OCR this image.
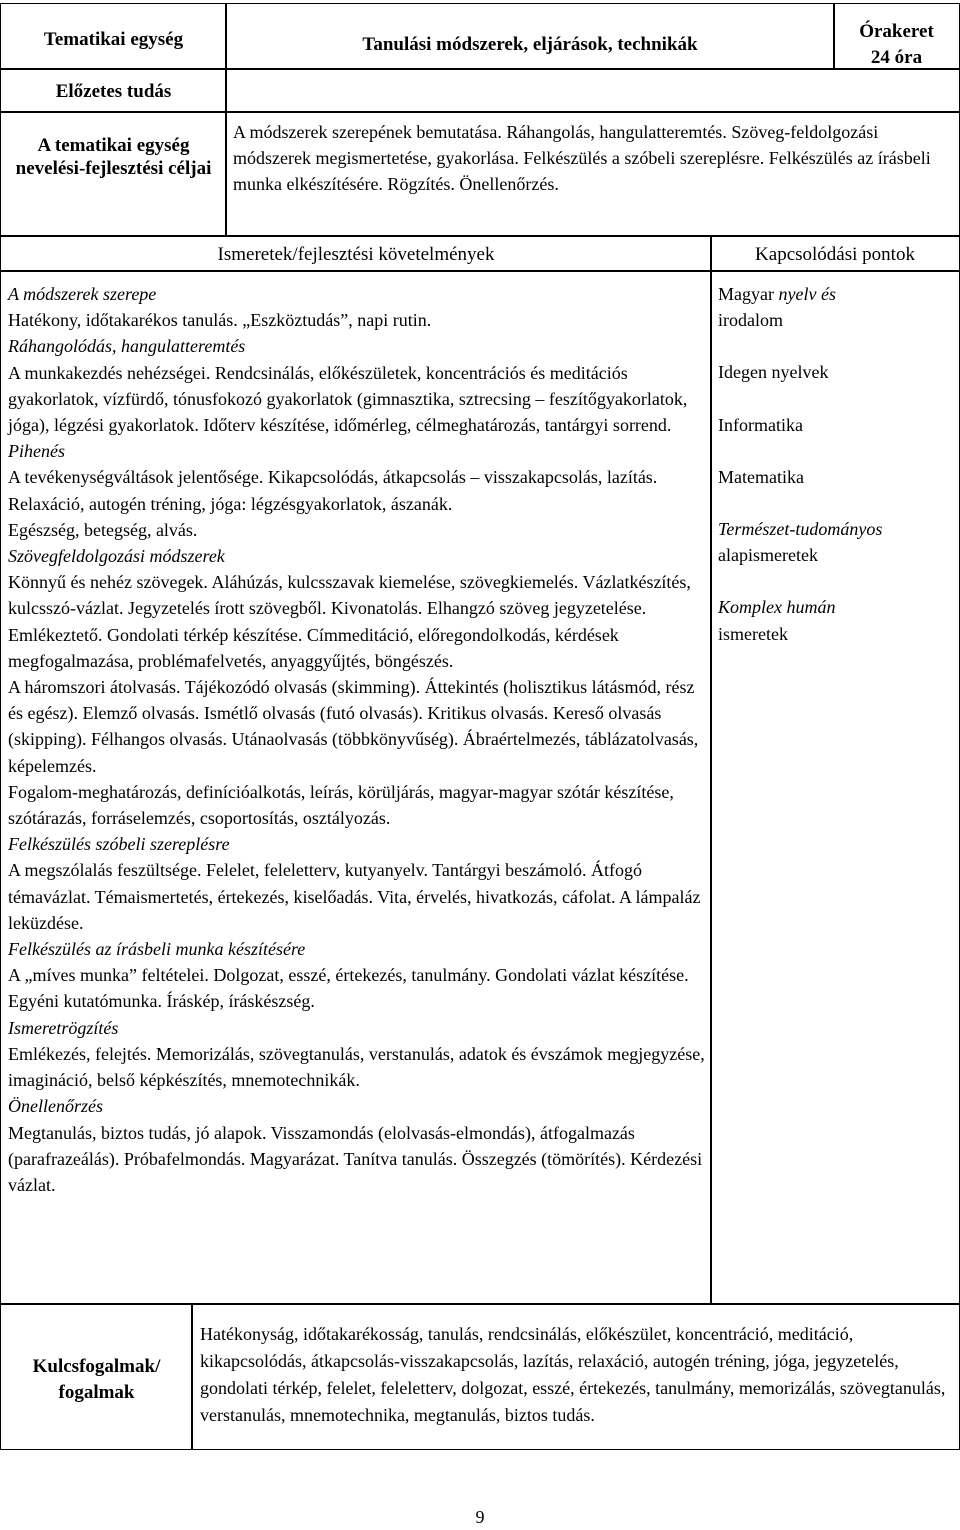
Tematikai egység	Tanulási módszerek, eljárások, technikák
Órakeret
24 óra
Előzetes tudás
A tematikai egység nevelési-fejlesztési céljai
A módszerek szerepének bemutatása. Ráhangolás, hangulatteremtés. Szöveg-feldolgozási módszerek megismertetése, gyakorlása. Felkészülés a szóbeli szereplésre. Felkészülés az írásbeli munka elkészítésére. Rögzítés. Önellenőrzés.
Ismeretek/fejlesztési követelmények	Kapcsolódási pontok

A módszerek szerepe

Hatékony, időtakarékos tanulás. „Eszköztudás”, napi rutin.

Ráhangolódás, hangulatteremtés

A munkakezdés nehézségei. Rendcsinálás, előkészületek, koncentrációs és meditációs gyakorlatok, vízfürdő, tónusfokozó gyakorlatok (gimnasztika, sztrecsing – feszítőgyakorlatok, jóga), légzési gyakorlatok. Időterv készítése, időmérleg, célmeghatározás, tantárgyi sorrend.

Pihenés

A tevékenységváltások jelentősége. Kikapcsolódás, átkapcsolás – visszakapcsolás, lazítás.

Relaxáció, autogén tréning, jóga: légzésgyakorlatok, ászanák.

Egészség, betegség, alvás.

Szövegfeldolgozási módszerek

Könnyű és nehéz szövegek. Aláhúzás, kulcsszavak kiemelése, szövegkiemelés. Vázlatkészítés, kulcsszó-vázlat. Jegyzetelés írott szövegből. Kivonatolás. Elhangzó szöveg jegyzetelése. Emlékeztető. Gondolati térkép készítése. Címmeditáció, előregondolkodás, kérdések megfogalmazása, problémafelvetés, anyaggyűjtés, böngészés.

A háromszori átolvasás. Tájékozódó olvasás (skimming). Áttekintés (holisztikus látásmód, rész és egész). Elemző olvasás. Ismétlő olvasás (futó olvasás). Kritikus olvasás. Kereső olvasás (skipping). Félhangos olvasás. Utánaolvasás (többkönyvűség). Ábraértelmezés, táblázatolvasás, képelemzés.

Fogalom-meghatározás, definícióalkotás, leírás, körüljárás, magyar-magyar szótár készítése, szótárazás, forráselemzés, csoportosítás, osztályozás.

Felkészülés szóbeli szereplésre

A megszólalás feszültsége. Felelet, feleletterv, kutyanyelv. Tantárgyi beszámoló. Átfogó témavázlat. Témaismertetés, értekezés, kiselőadás. Vita, érvelés, hivatkozás, cáfolat. A lámpaláz leküzdése.

Felkészülés az írásbeli munka készítésére

A „míves munka” feltételei. Dolgozat, esszé, értekezés, tanulmány. Gondolati vázlat készítése. Egyéni kutatómunka. Íráskép, íráskészség.

Ismeretrögzítés

Emlékezés, felejtés. Memorizálás, szövegtanulás, verstanulás, adatok és évszámok megjegyzése, imagináció, belső képkészítés, mnemotechnikák.

Önellenőrzés

Megtanulás, biztos tudás, jó alapok. Visszamondás (elolvasás-elmondás), átfogalmazás (parafrazeálás). Próbafelmondás. Magyarázat. Tanítva tanulás. Összegzés (tömörítés). Kérdezési vázlat.

Magyar nyelv és

irodalom

Idegen nyelvek

Informatika

Matematika

Természet-tudományos

alapismeretek

Komplex humán

ismeretek

Kulcsfogalmak/ fogalmak
Hatékonyság, időtakarékosság, tanulás, rendcsinálás, előkészület, koncentráció, meditáció, kikapcsolódás, átkapcsolás-visszakapcsolás, lazítás, relaxáció, autogén tréning, jóga, jegyzetelés, gondolati térkép, felelet, feleletterv, dolgozat, esszé, értekezés, tanulmány, memorizálás, szövegtanulás, verstanulás, mnemotechnika, megtanulás, biztos tudás.
9
